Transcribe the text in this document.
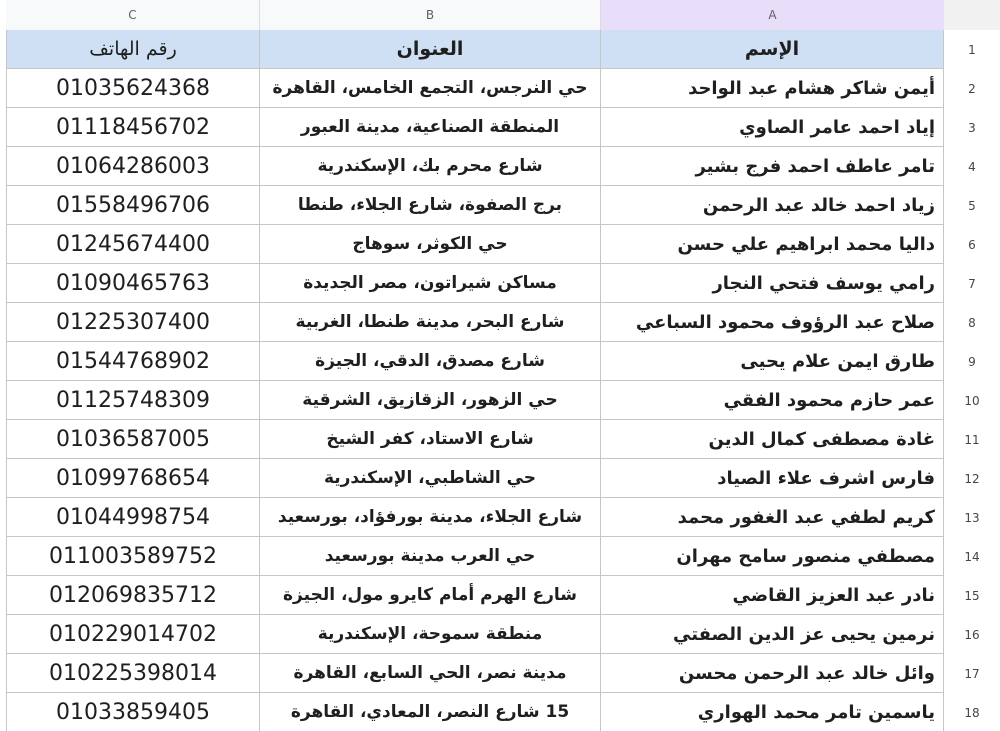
C	B	A
رقم الهاتف	العنوان	الإسم	1
01035624368	حي النرجس، التجمع الخامس، القاهرة	أيمن شاكر هشام عبد الواحد	2
01118456702	المنطقة الصناعية، مدينة العبور	إياد احمد عامر الصاوي	3
01064286003	شارع محرم بك، الإسكندرية	تامر عاطف احمد فرج بشير	4
01558496706	برج الصفوة، شارع الجلاء، طنطا	زياد احمد خالد عبد الرحمن	5
01245674400	حي الكوثر، سوهاج	داليا محمد ابراهيم علي حسن	6
01090465763	مساكن شيراتون، مصر الجديدة	رامي يوسف فتحي النجار	7
01225307400	شارع البحر، مدينة طنطا، الغربية	صلاح عبد الرؤوف محمود السباعي	8
01544768902	شارع مصدق، الدقي، الجيزة	طارق ايمن علام يحيى	9
01125748309	حي الزهور، الزقازيق، الشرقية	عمر حازم محمود الفقي	10
01036587005	شارع الاستاد، كفر الشيخ	غادة مصطفى كمال الدين	11
01099768654	حي الشاطبي، الإسكندرية	فارس اشرف علاء الصياد	12
01044998754	شارع الجلاء، مدينة بورفؤاد، بورسعيد	كريم لطفي عبد الغفور محمد	13
011003589752	حي العرب مدينة بورسعيد	مصطفي منصور سامح مهران	14
012069835712	شارع الهرم أمام كايرو مول، الجيزة	نادر عبد العزيز القاضي	15
010229014702	منطقة سموحة، الإسكندرية	نرمين يحيى عز الدين الصفتي	16
010225398014	مدينة نصر، الحي السابع، القاهرة	وائل خالد عبد الرحمن محسن	17
01033859405	15 شارع النصر، المعادي، القاهرة	ياسمين تامر محمد الهواري	18
